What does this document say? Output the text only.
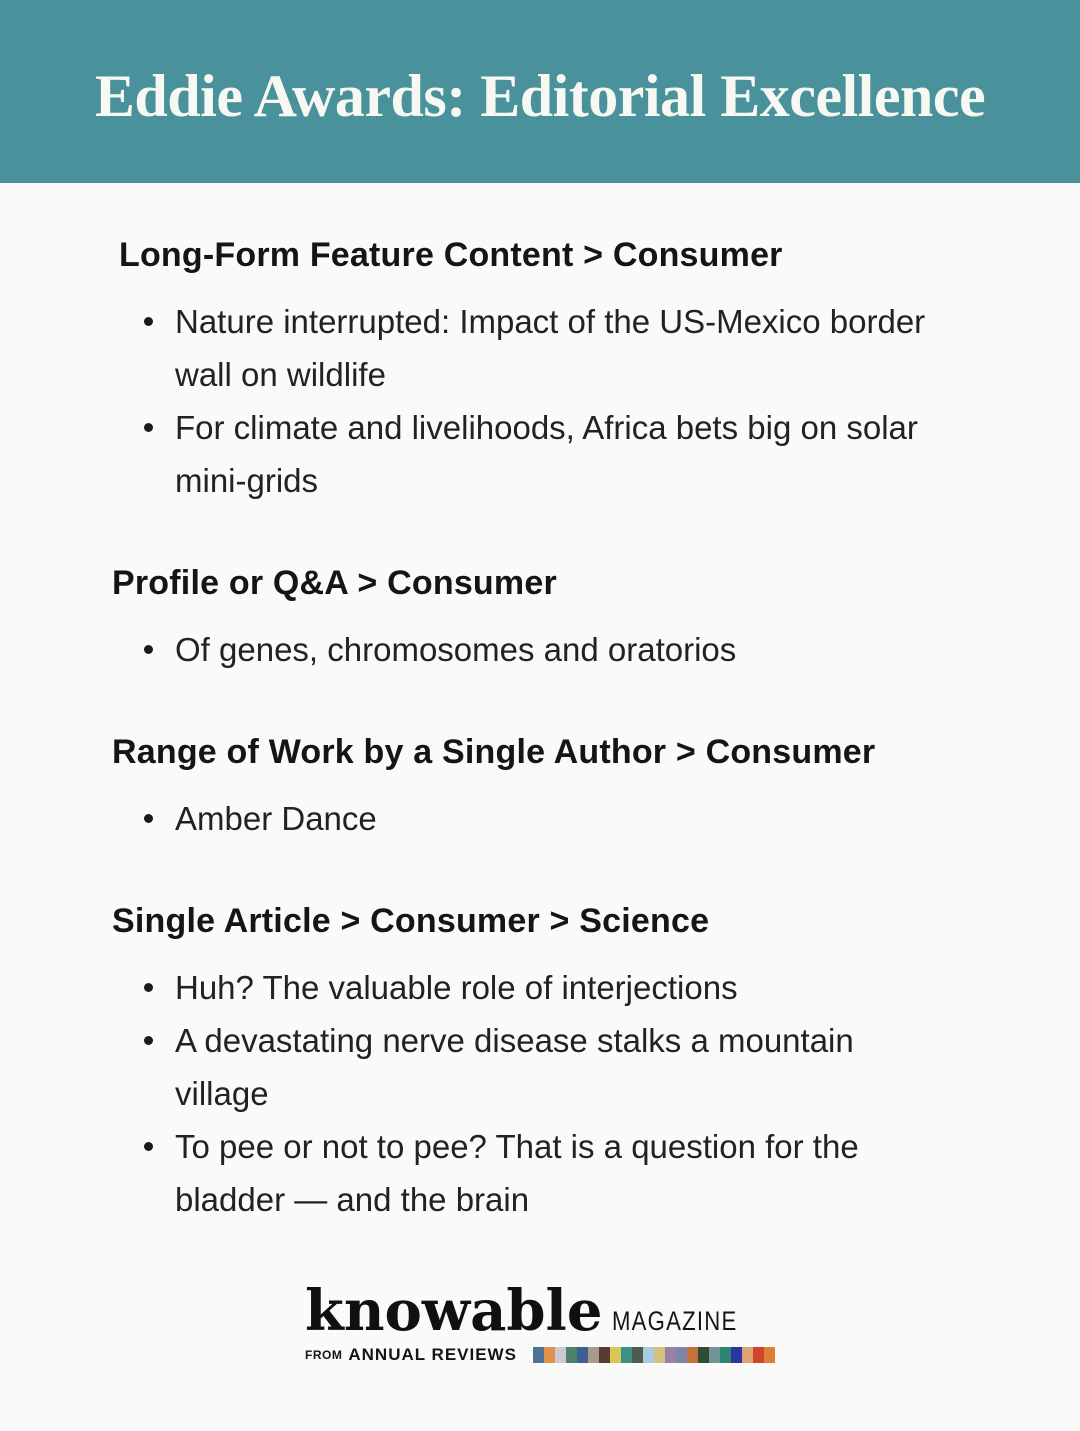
Eddie Awards: Editorial Excellence
Long-Form Feature Content > Consumer
Nature interrupted: Impact of the US-Mexico border wall on wildlife
For climate and livelihoods, Africa bets big on solar mini-grids
Profile or Q&A > Consumer
Of genes, chromosomes and oratorios
Range of Work by a Single Author > Consumer
Amber Dance
Single Article > Consumer > Science
Huh? The valuable role of interjections
A devastating nerve disease stalks a mountain village
To pee or not to pee? That is a question for the bladder — and the brain
knowable MAGAZINE
FROM ANNUAL REVIEWS
